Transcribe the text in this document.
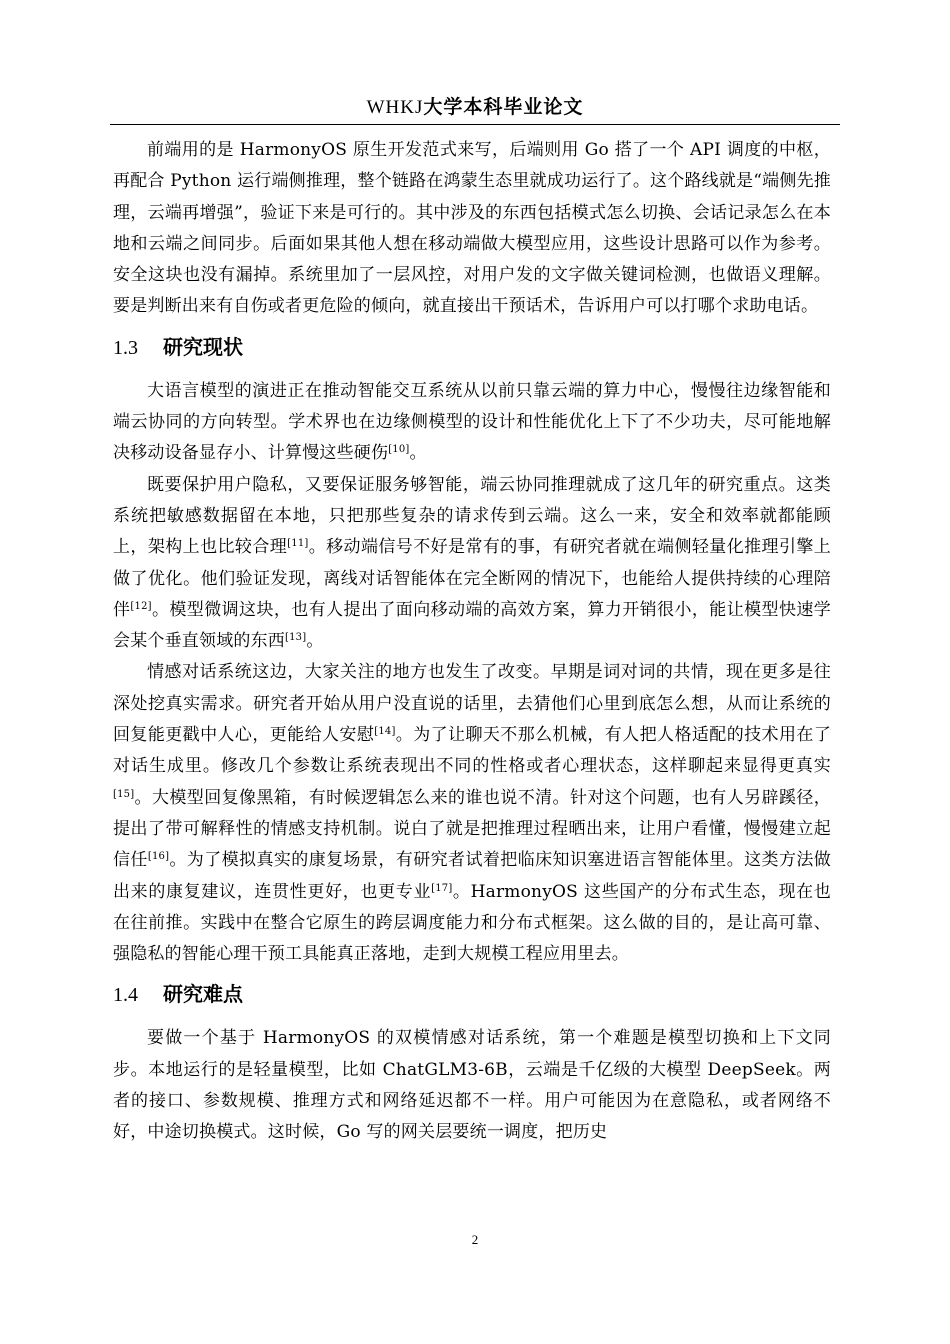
WHKJ大学本科毕业论文

前端用的是 HarmonyOS 原生开发范式来写，后端则用 Go 搭了一个 API 调度的中枢，再配合 Python 运行端侧推理，整个链路在鸿蒙生态里就成功运行了。这个路线就是“端侧先推理，云端再增强”，验证下来是可行的。其中涉及的东西包括模式怎么切换、会话记录怎么在本地和云端之间同步。后面如果其他人想在移动端做大模型应用，这些设计思路可以作为参考。安全这块也没有漏掉。系统里加了一层风控，对用户发的文字做关键词检测，也做语义理解。要是判断出来有自伤或者更危险的倾向，就直接出干预话术，告诉用户可以打哪个求助电话。

1.3 研究现状

大语言模型的演进正在推动智能交互系统从以前只靠云端的算力中心，慢慢往边缘智能和端云协同的方向转型。学术界也在边缘侧模型的设计和性能优化上下了不少功夫，尽可能地解决移动设备显存小、计算慢这些硬伤[10]。

既要保护用户隐私，又要保证服务够智能，端云协同推理就成了这几年的研究重点。这类系统把敏感数据留在本地，只把那些复杂的请求传到云端。这么一来，安全和效率就都能顾上，架构上也比较合理[11]。移动端信号不好是常有的事，有研究者就在端侧轻量化推理引擎上做了优化。他们验证发现，离线对话智能体在完全断网的情况下，也能给人提供持续的心理陪伴[12]。模型微调这块，也有人提出了面向移动端的高效方案，算力开销很小，能让模型快速学会某个垂直领域的东西[13]。

情感对话系统这边，大家关注的地方也发生了改变。早期是词对词的共情，现在更多是往深处挖真实需求。研究者开始从用户没直说的话里，去猜他们心里到底怎么想，从而让系统的回复能更戳中人心，更能给人安慰[14]。为了让聊天不那么机械，有人把人格适配的技术用在了对话生成里。修改几个参数让系统表现出不同的性格或者心理状态，这样聊起来显得更真实[15]。大模型回复像黑箱，有时候逻辑怎么来的谁也说不清。针对这个问题，也有人另辟蹊径，提出了带可解释性的情感支持机制。说白了就是把推理过程晒出来，让用户看懂，慢慢建立起信任[16]。为了模拟真实的康复场景，有研究者试着把临床知识塞进语言智能体里。这类方法做出来的康复建议，连贯性更好，也更专业[17]。HarmonyOS 这些国产的分布式生态，现在也在往前推。实践中在整合它原生的跨层调度能力和分布式框架。这么做的目的，是让高可靠、强隐私的智能心理干预工具能真正落地，走到大规模工程应用里去。

1.4 研究难点

要做一个基于 HarmonyOS 的双模情感对话系统，第一个难题是模型切换和上下文同步。本地运行的是轻量模型，比如 ChatGLM3-6B，云端是千亿级的大模型 DeepSeek。两者的接口、参数规模、推理方式和网络延迟都不一样。用户可能因为在意隐私，或者网络不好，中途切换模式。这时候，Go 写的网关层要统一调度，把历史

2
